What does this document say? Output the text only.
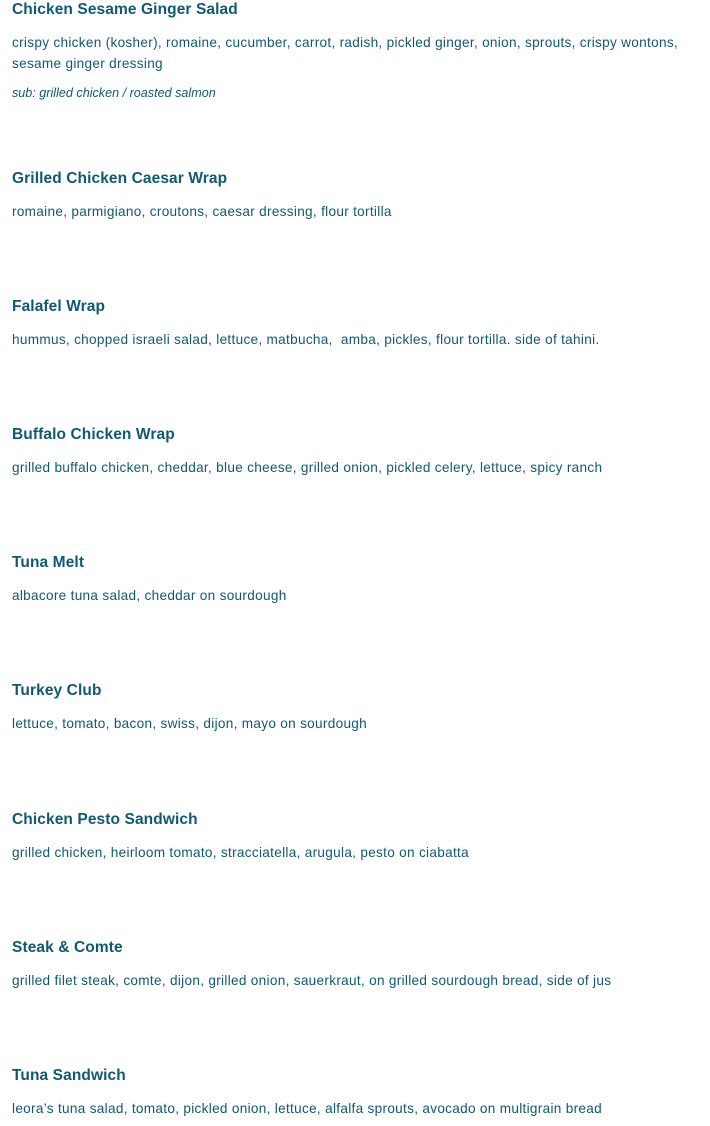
Chicken Sesame Ginger Salad

crispy chicken (kosher), romaine, cucumber, carrot, radish, pickled ginger, onion, sprouts, crispy wontons, sesame ginger dressing

sub: grilled chicken / roasted salmon

Grilled Chicken Caesar Wrap

romaine, parmigiano, croutons, caesar dressing, flour tortilla

Falafel Wrap

hummus, chopped israeli salad, lettuce, matbucha,  amba, pickles, flour tortilla. side of tahini.

Buffalo Chicken Wrap

grilled buffalo chicken, cheddar, blue cheese, grilled onion, pickled celery, lettuce, spicy ranch

Tuna Melt

albacore tuna salad, cheddar on sourdough

Turkey Club

lettuce, tomato, bacon, swiss, dijon, mayo on sourdough

Chicken Pesto Sandwich

grilled chicken, heirloom tomato, stracciatella, arugula, pesto on ciabatta

Steak & Comte

grilled filet steak, comte, dijon, grilled onion, sauerkraut, on grilled sourdough bread, side of jus

Tuna Sandwich

leora’s tuna salad, tomato, pickled onion, lettuce, alfalfa sprouts, avocado on multigrain bread
